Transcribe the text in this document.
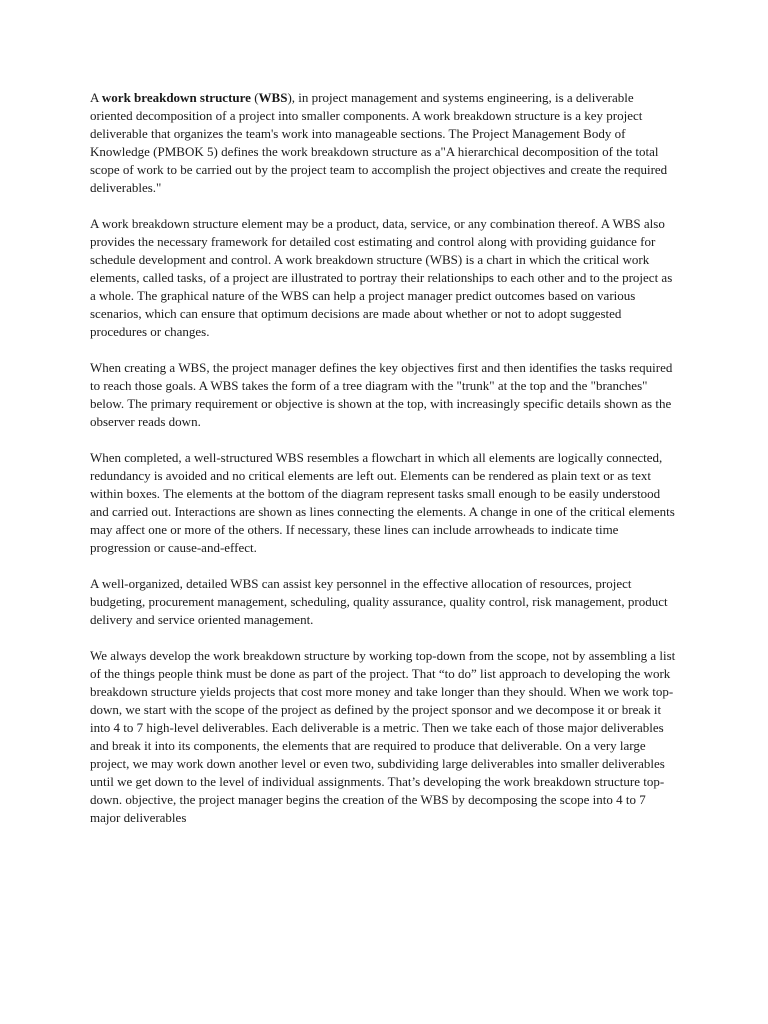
A work breakdown structure (WBS), in project management and systems engineering, is a deliverable oriented decomposition of a project into smaller components. A work breakdown structure is a key project deliverable that organizes the team's work into manageable sections. The Project Management Body of Knowledge (PMBOK 5) defines the work breakdown structure as a"A hierarchical decomposition of the total scope of work to be carried out by the project team to accomplish the project objectives and create the required deliverables."

A work breakdown structure element may be a product, data, service, or any combination thereof. A WBS also provides the necessary framework for detailed cost estimating and control along with providing guidance for schedule development and control. A work breakdown structure (WBS) is a chart in which the critical work elements, called tasks, of a project are illustrated to portray their relationships to each other and to the project as a whole. The graphical nature of the WBS can help a project manager predict outcomes based on various scenarios, which can ensure that optimum decisions are made about whether or not to adopt suggested procedures or changes.

When creating a WBS, the project manager defines the key objectives first and then identifies the tasks required to reach those goals. A WBS takes the form of a tree diagram with the "trunk" at the top and the "branches" below. The primary requirement or objective is shown at the top, with increasingly specific details shown as the observer reads down.

When completed, a well-structured WBS resembles a flowchart in which all elements are logically connected, redundancy is avoided and no critical elements are left out. Elements can be rendered as plain text or as text within boxes. The elements at the bottom of the diagram represent tasks small enough to be easily understood and carried out. Interactions are shown as lines connecting the elements. A change in one of the critical elements may affect one or more of the others. If necessary, these lines can include arrowheads to indicate time progression or cause-and-effect.

A well-organized, detailed WBS can assist key personnel in the effective allocation of resources, project budgeting, procurement management, scheduling, quality assurance, quality control, risk management, product delivery and service oriented management.

We always develop the work breakdown structure by working top-down from the scope, not by assembling a list of the things people think must be done as part of the project. That “to do” list approach to developing the work breakdown structure yields projects that cost more money and take longer than they should. When we work top-down, we start with the scope of the project as defined by the project sponsor and we decompose it or break it into 4 to 7 high-level deliverables. Each deliverable is a metric. Then we take each of those major deliverables and break it into its components, the elements that are required to produce that deliverable. On a very large project, we may work down another level or even two, subdividing large deliverables into smaller deliverables until we get down to the level of individual assignments. That’s developing the work breakdown structure top-down. objective, the project manager begins the creation of the WBS by decomposing the scope into 4 to 7 major deliverables
